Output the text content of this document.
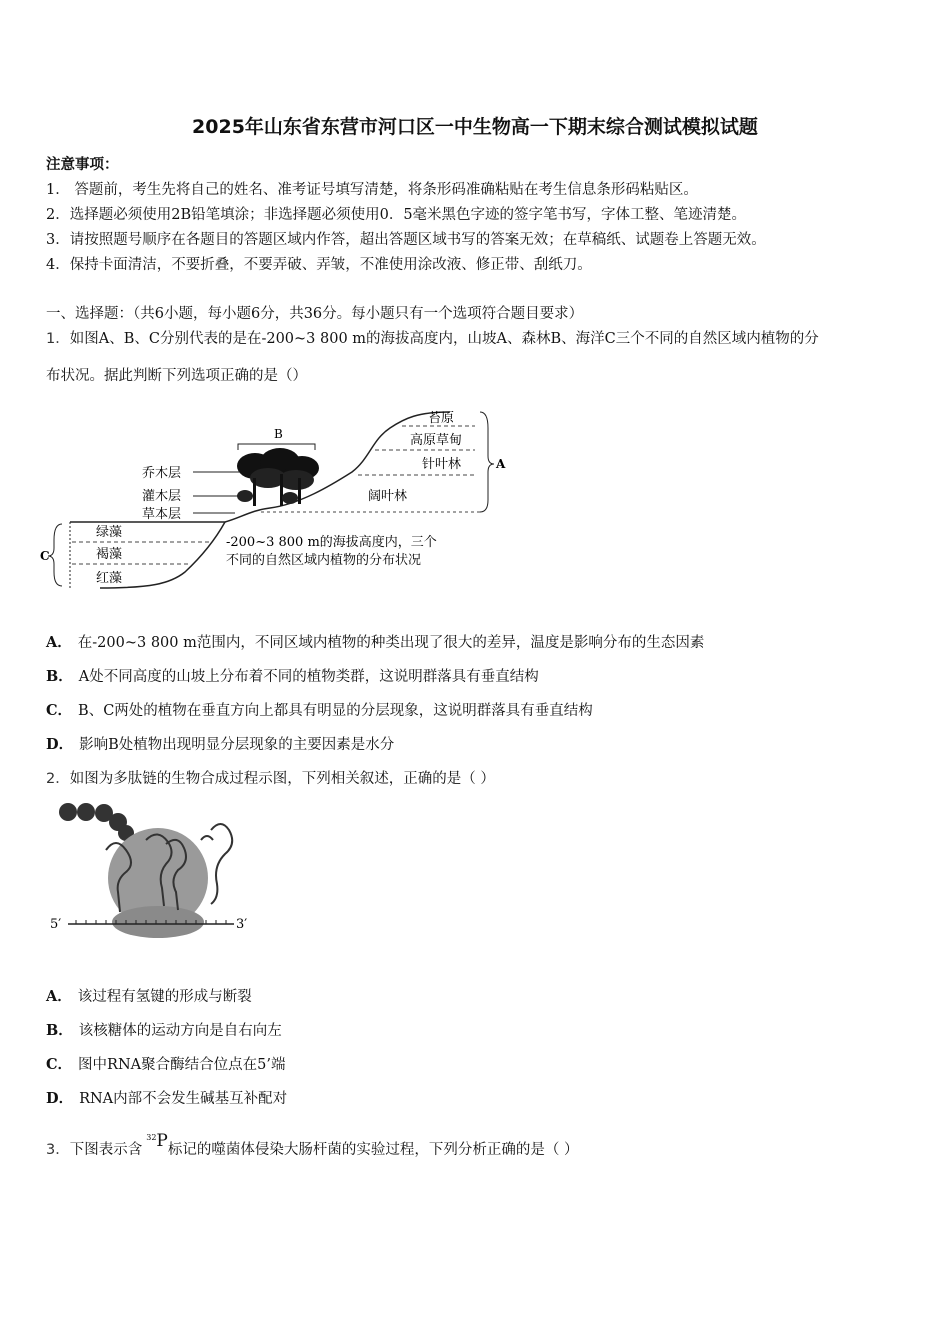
2025年山东省东营市河口区一中生物高一下期末综合测试模拟试题
注意事项：
1． 答题前，考生先将自己的姓名、准考证号填写清楚，将条形码准确粘贴在考生信息条形码粘贴区。
2．选择题必须使用2B铅笔填涂；非选择题必须使用0．5毫米黑色字迹的签字笔书写，字体工整、笔迹清楚。
3．请按照题号顺序在各题目的答题区域内作答，超出答题区域书写的答案无效；在草稿纸、试题卷上答题无效。
4．保持卡面清洁，不要折叠，不要弄破、弄皱，不准使用涂改液、修正带、刮纸刀。
一、选择题：（共6小题，每小题6分，共36分。每小题只有一个选项符合题目要求）
1．如图A、B、C分别代表的是在-200~3 800 m的海拔高度内，山坡A、森林B、海洋C三个不同的自然区域内植物的分
布状况。据此判断下列选项正确的是（）
C
绿藻
褐藻
红藻
B
乔木层
灌木层
草本层
苔原
高原草甸
针叶林
阔叶林
A
-200~3 800 m的海拔高度内，三个
不同的自然区域内植物的分布状况
A． 在-200~3 800 m范围内，不同区域内植物的种类出现了很大的差异，温度是影响分布的生态因素
B． A处不同高度的山坡上分布着不同的植物类群，这说明群落具有垂直结构
C． B、C两处的植物在垂直方向上都具有明显的分层现象，这说明群落具有垂直结构
D． 影响B处植物出现明显分层现象的主要因素是水分
2．如图为多肽链的生物合成过程示图，下列相关叙述，正确的是（ ）
5′	3′
A． 该过程有氢键的形成与断裂
B． 该核糖体的运动方向是自右向左
C． 图中RNA聚合酶结合位点在5’端
D． RNA内部不会发生碱基互补配对
3．下图表示含$^{32}$P标记的噬菌体侵染大肠杆菌的实验过程，下列分析正确的是（ ）
